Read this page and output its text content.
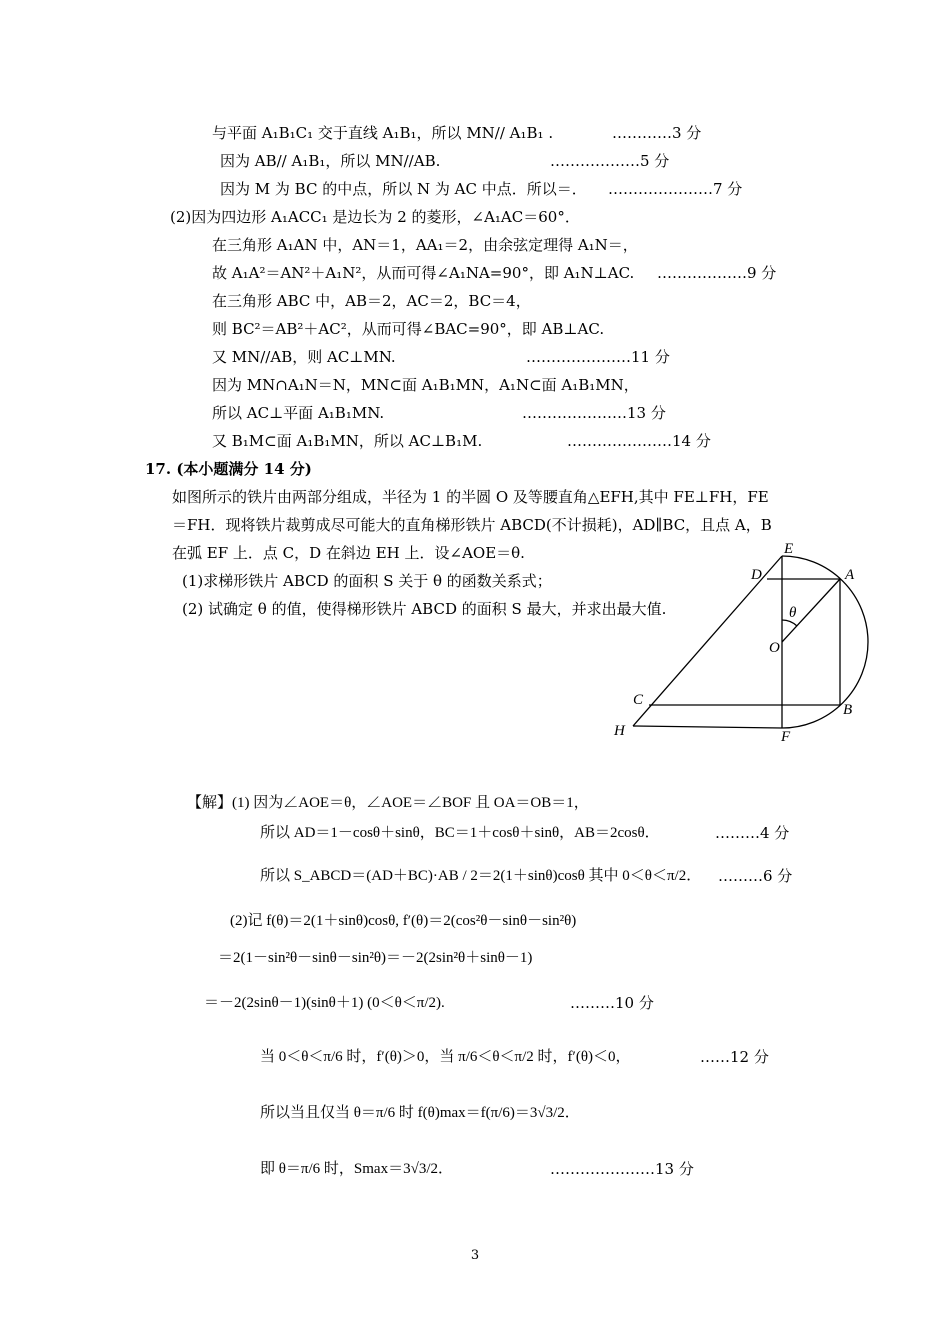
与平面 A₁B₁C₁ 交于直线 A₁B₁，所以 MN// A₁B₁ .	…………3 分
因为 AB// A₁B₁，所以 MN//AB.	………………5 分
因为 M 为 BC 的中点，所以 N 为 AC 中点．所以＝． …………………7 分
(2)因为四边形 A₁ACC₁ 是边长为 2 的菱形，∠A₁AC＝60°．
在三角形 A₁AN 中，AN＝1，AA₁＝2，由余弦定理得 A₁N＝，
故 A₁A²＝AN²＋A₁N²，从而可得∠A₁NA=90°，即 A₁N⊥AC. ………………9 分
在三角形 ABC 中，AB＝2，AC＝2，BC＝4，
则 BC²＝AB²＋AC²，从而可得∠BAC=90°，即 AB⊥AC.
又 MN//AB，则 AC⊥MN.	…………………11 分
因为 MN∩A₁N＝N，MN⊂面 A₁B₁MN，A₁N⊂面 A₁B₁MN，
所以 AC⊥平面 A₁B₁MN.	…………………13 分
又 B₁M⊂面 A₁B₁MN，所以 AC⊥B₁M.	…………………14 分
17. (本小题满分 14 分)
如图所示的铁片由两部分组成，半径为 1 的半圆 O 及等腰直角△EFH,其中 FE⊥FH，FE
＝FH．现将铁片裁剪成尽可能大的直角梯形铁片 ABCD(不计损耗)，AD∥BC，且点 A，B
在弧 EF 上．点 C，D 在斜边 EH 上．设∠AOE＝θ.
(1)求梯形铁片 ABCD 的面积 S 关于 θ 的函数关系式；
(2) 试确定 θ 的值，使得梯形铁片 ABCD 的面积 S 最大，并求出最大值.
E
D	A
θ
O
C
B
H	F
【解】(1) 因为∠AOE＝θ，∠AOE＝∠BOF 且 OA＝OB＝1，
所以 AD＝1－cosθ＋sinθ，BC＝1＋cosθ＋sinθ，AB＝2cosθ．	………4 分
所以 S_ABCD＝(AD＋BC)·AB / 2＝2(1＋sinθ)cosθ 其中 0＜θ＜π/2． ………6 分
(2)记 f(θ)＝2(1＋sinθ)cosθ, f′(θ)＝2(cos²θ－sinθ－sin²θ)
＝2(1－sin²θ－sinθ－sin²θ)＝－2(2sin²θ＋sinθ－1)
＝－2(2sinθ－1)(sinθ＋1) (0＜θ＜π/2).	………10 分
当 0＜θ＜π/6 时，f′(θ)＞0，当 π/6＜θ＜π/2 时，f′(θ)＜0，	……12 分
所以当且仅当 θ＝π/6 时 f(θ)max＝f(π/6)＝3√3/2．
即 θ＝π/6 时，Smax＝3√3/2．	…………………13 分
3
